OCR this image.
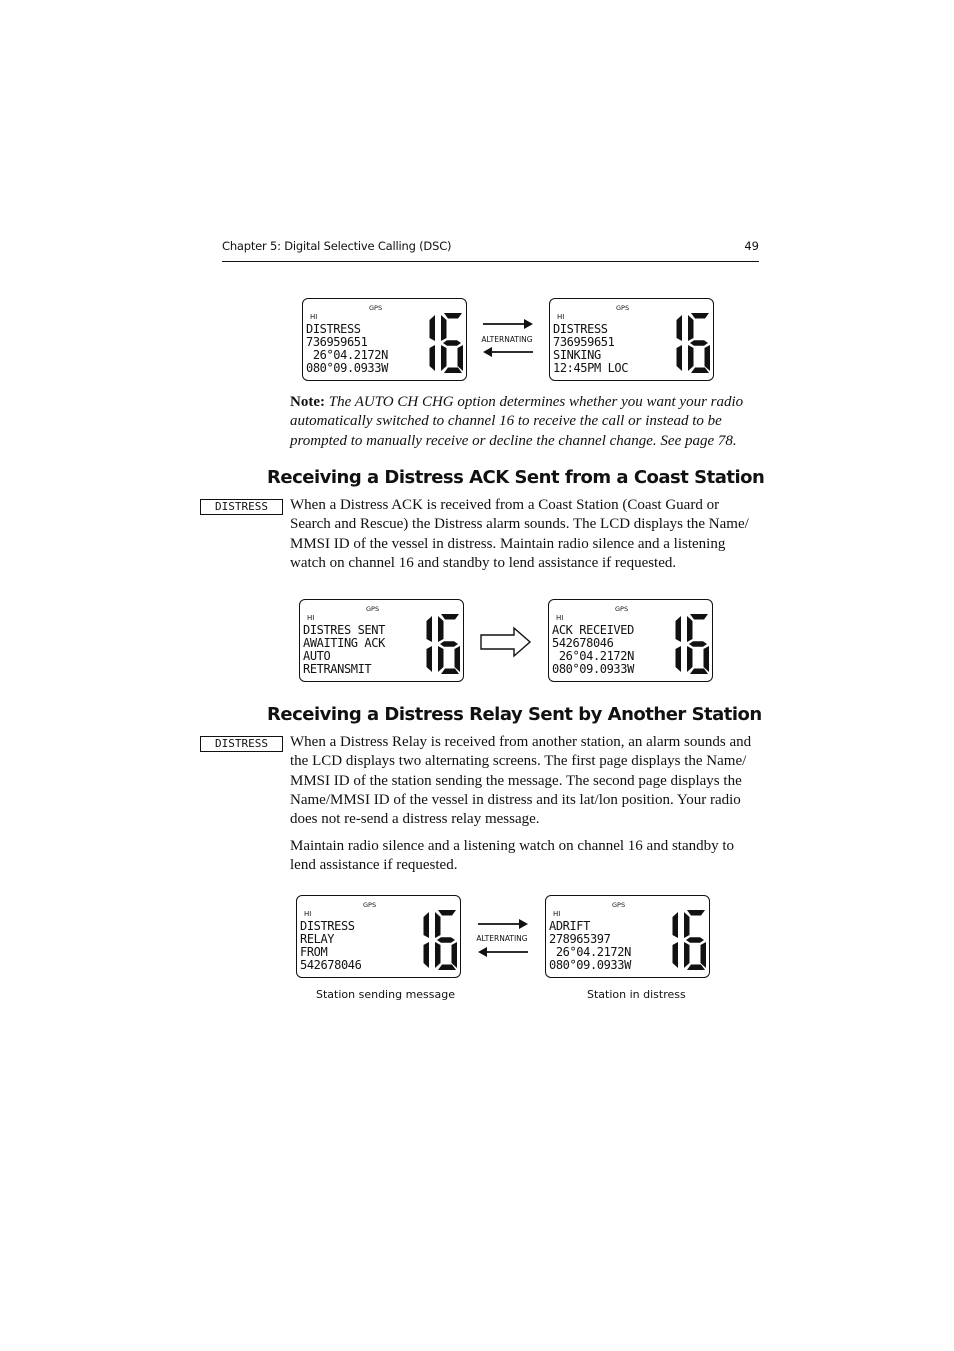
Chapter 5: Digital Selective Calling (DSC)	49
GPS
HI
DISTRESS
736959651
26°04.2172N
080°09.0933W
ALTERNATING
GPS
HI
DISTRESS
736959651
SINKING
12:45PM LOC
Note: The AUTO CH CHG option determines whether you want your radio automatically switched to channel 16 to receive the call or instead to be prompted to manually receive or decline the channel change. See page 78.
Receiving a Distress ACK Sent from a Coast Station
DISTRESS	When a Distress ACK is received from a Coast Station (Coast Guard or Search and Rescue) the Distress alarm sounds. The LCD displays the Name/ MMSI ID of the vessel in distress. Maintain radio silence and a listening watch on channel 16 and standby to lend assistance if requested.
GPS
HI
DISTRES SENT
AWAITING ACK
AUTO
RETRANSMIT
GPS
HI
ACK RECEIVED
542678046
26°04.2172N
080°09.0933W
Receiving a Distress Relay Sent by Another Station
DISTRESS	When a Distress Relay is received from another station, an alarm sounds and the LCD displays two alternating screens. The first page displays the Name/ MMSI ID of the station sending the message. The second page displays the Name/MMSI ID of the vessel in distress and its lat/lon position. Your radio does not re-send a distress relay message.
Maintain radio silence and a listening watch on channel 16 and standby to lend assistance if requested.
GPS
HI
DISTRESS
RELAY
FROM
542678046
ALTERNATING
GPS
HI
ADRIFT
278965397
26°04.2172N
080°09.0933W
Station sending message	Station in distress
